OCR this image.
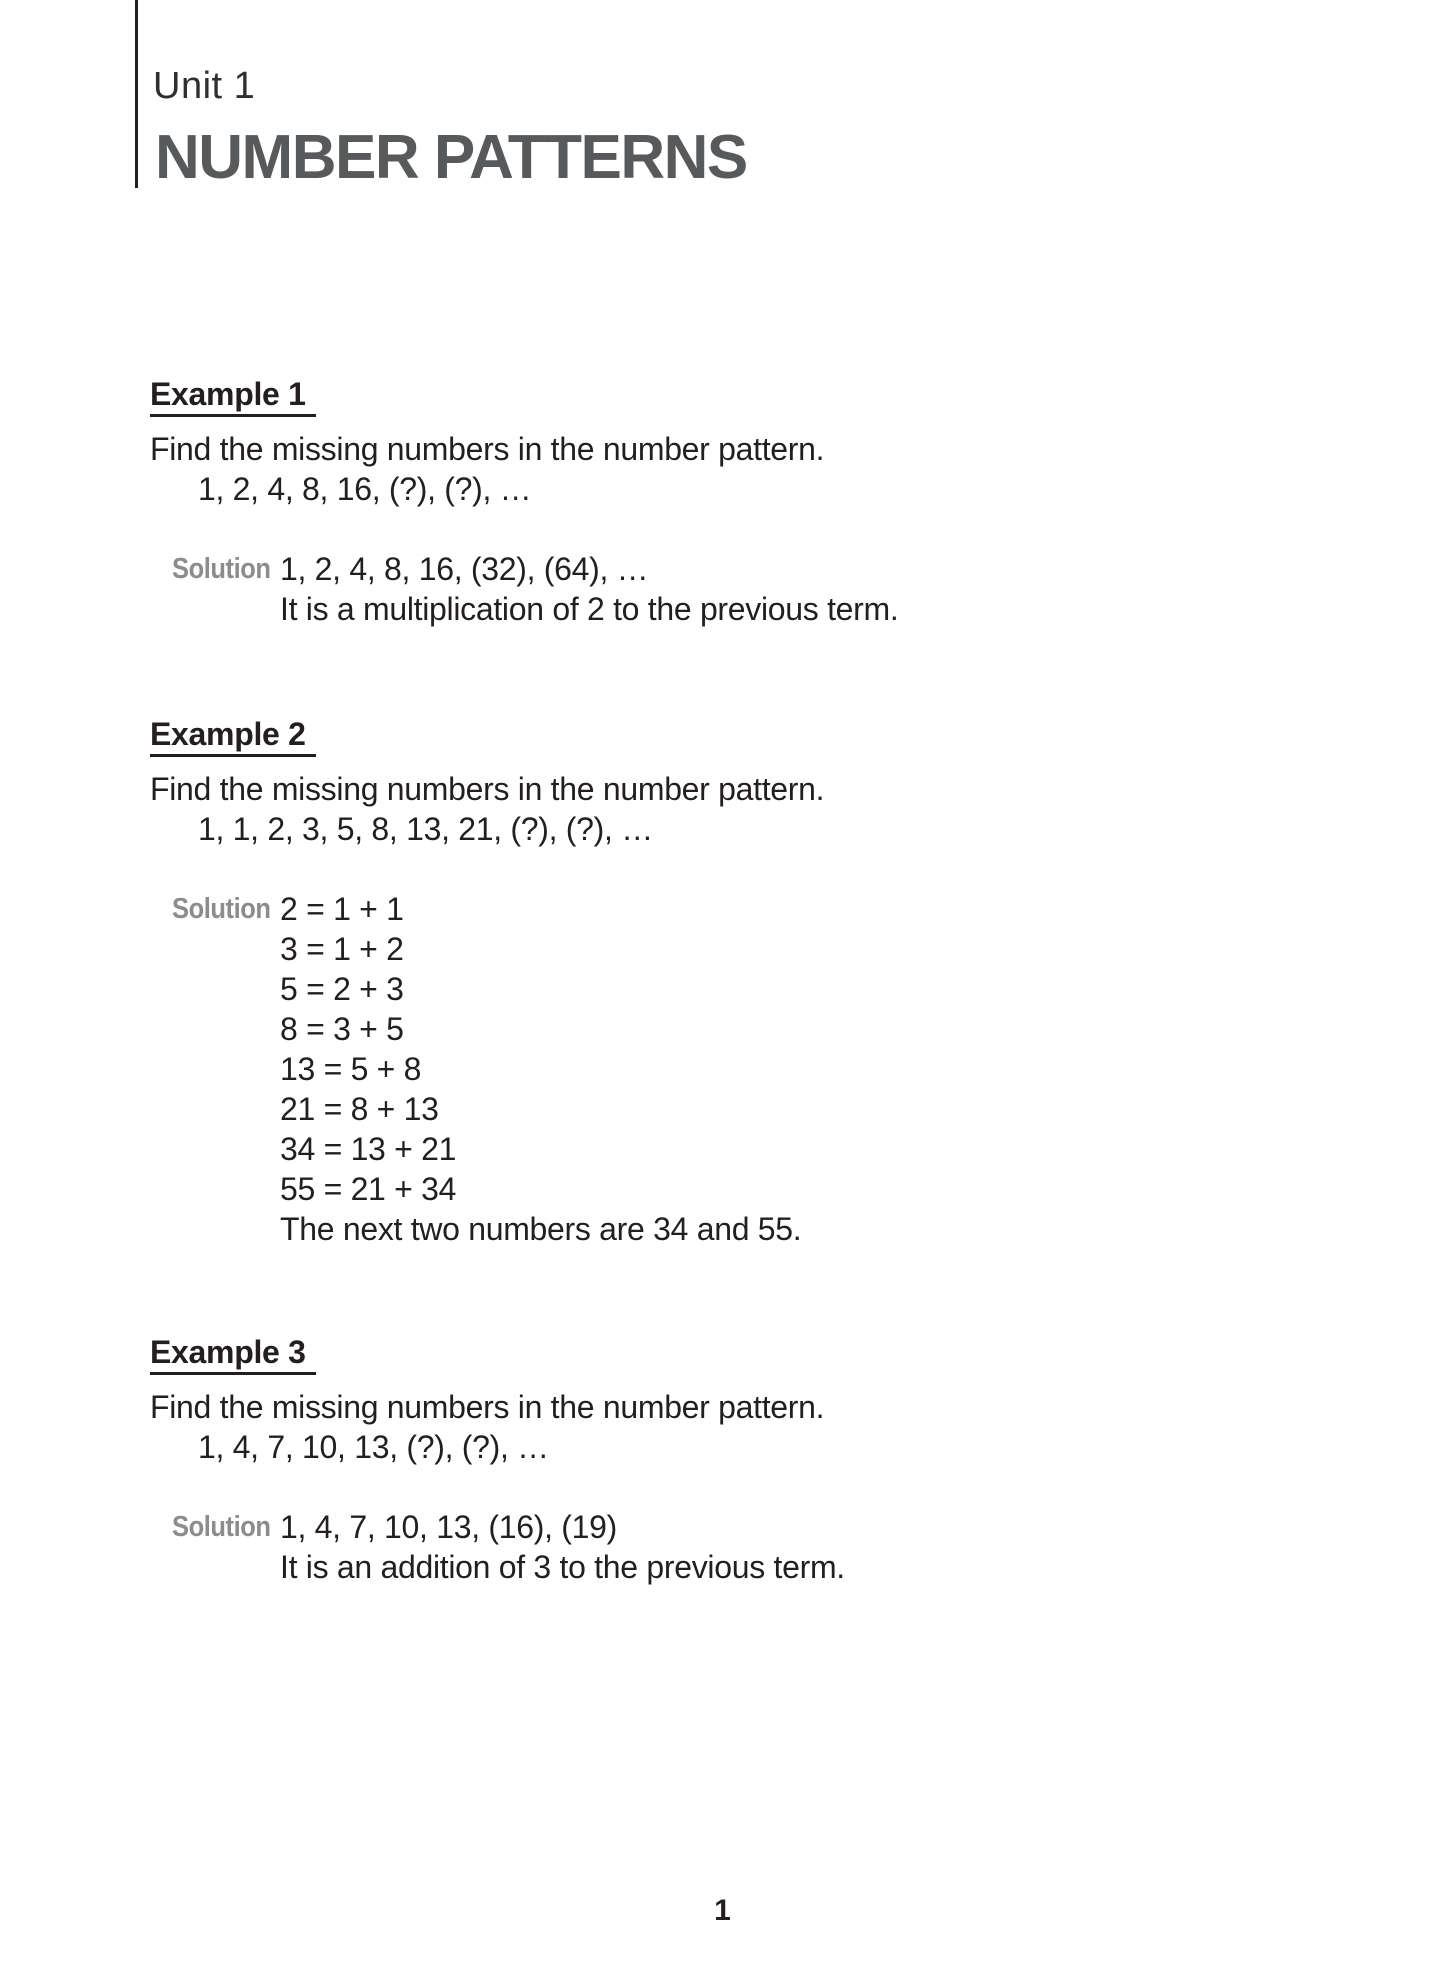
Unit 1
NUMBER PATTERNS
Example 1
Find the missing numbers in the number pattern.
1, 2, 4, 8, 16, (?), (?), …
Solution 1, 2, 4, 8, 16, (32), (64), …
It is a multiplication of 2 to the previous term.
Example 2
Find the missing numbers in the number pattern.
1, 1, 2, 3, 5, 8, 13, 21, (?), (?), …
Solution 2 = 1 + 1
3 = 1 + 2
5 = 2 + 3
8 = 3 + 5
13 = 5 + 8
21 = 8 + 13
34 = 13 + 21
55 = 21 + 34
The next two numbers are 34 and 55.
Example 3
Find the missing numbers in the number pattern.
1, 4, 7, 10, 13, (?), (?), …
Solution 1, 4, 7, 10, 13, (16), (19)
It is an addition of 3 to the previous term.
1
